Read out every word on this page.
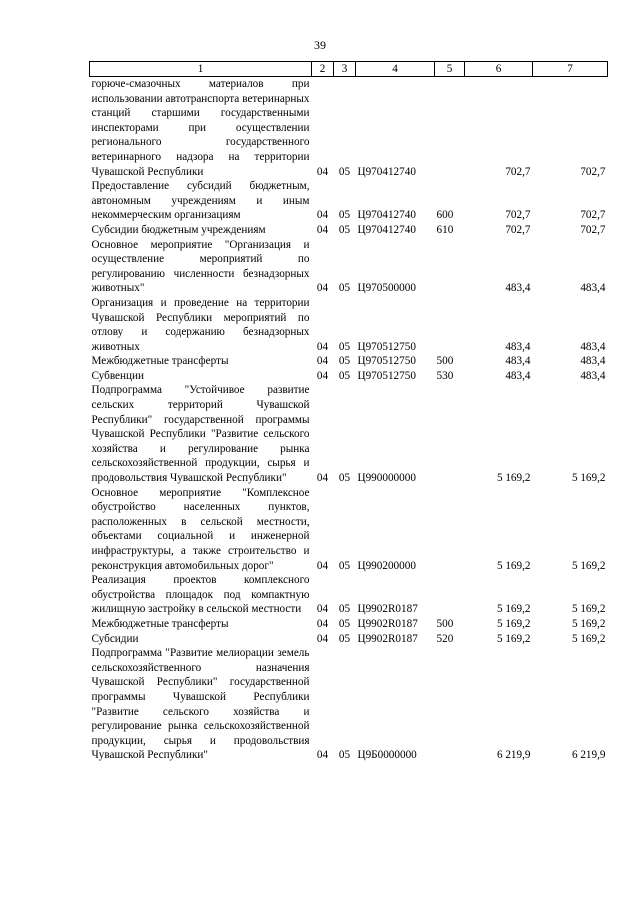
39
1	2	3	4	5	6	7
горюче-смазочных материалов при использовании автотранспорта ветеринарных станций старшими государственными инспекторами при осуществлении регионального государственного ветеринарного надзора на территории Чувашской Республики	04	05	Ц970412740		702,7	702,7
Предоставление субсидий бюджетным, автономным учреждениям и иным некоммерческим организациям	04	05	Ц970412740	600	702,7	702,7
Субсидии бюджетным учреждениям	04	05	Ц970412740	610	702,7	702,7
Основное мероприятие "Организация и осуществление мероприятий по регулированию численности безнадзорных животных"	04	05	Ц970500000		483,4	483,4
Организация и проведение на территории Чувашской Республики мероприятий по отлову и содержанию безнадзорных животных	04	05	Ц970512750		483,4	483,4
Межбюджетные трансферты	04	05	Ц970512750	500	483,4	483,4
Субвенции	04	05	Ц970512750	530	483,4	483,4
Подпрограмма "Устойчивое развитие сельских территорий Чувашской Республики" государственной программы Чувашской Республики "Развитие сельского хозяйства и регулирование рынка сельскохозяйственной продукции, сырья и продовольствия Чувашской Республики"	04	05	Ц990000000		5 169,2	5 169,2
Основное мероприятие "Комплексное обустройство населенных пунктов, расположенных в сельской местности, объектами социальной и инженерной инфраструктуры, а также строительство и реконструкция автомобильных дорог"	04	05	Ц990200000		5 169,2	5 169,2
Реализация проектов комплексного обустройства площадок под компактную жилищную застройку в сельской местности	04	05	Ц9902R0187		5 169,2	5 169,2
Межбюджетные трансферты	04	05	Ц9902R0187	500	5 169,2	5 169,2
Субсидии	04	05	Ц9902R0187	520	5 169,2	5 169,2
Подпрограмма "Развитие мелиорации земель сельскохозяйственного назначения Чувашской Республики" государственной программы Чувашской Республики "Развитие сельского хозяйства и регулирование рынка сельскохозяйственной продукции, сырья и продовольствия Чувашской Республики"	04	05	Ц9Б0000000		6 219,9	6 219,9
